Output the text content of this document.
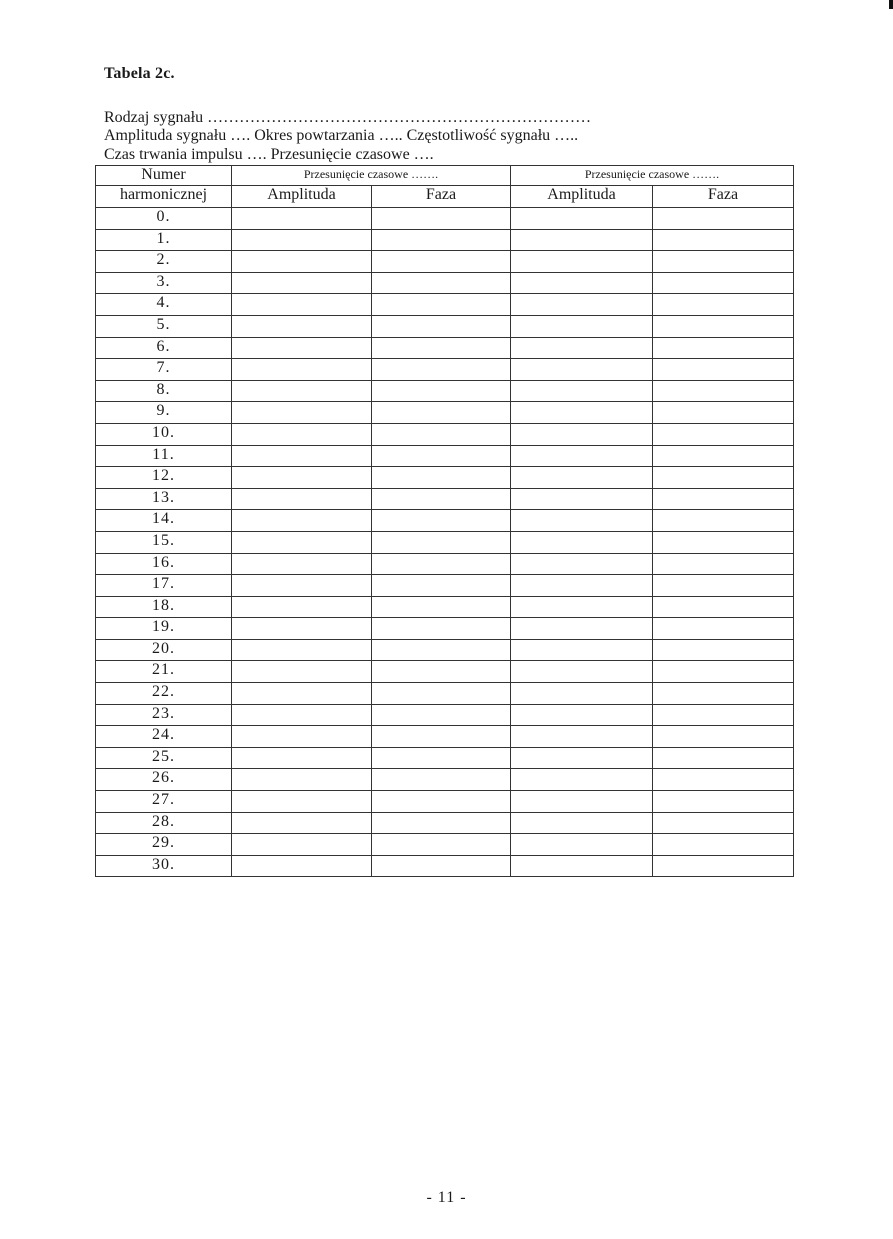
Tabela 2c.
Rodzaj sygnału ………………………………………………………………
Amplituda sygnału …. Okres powtarzania ….. Częstotliwość sygnału …..
Czas trwania impulsu …. Przesunięcie czasowe ….
Numer	Przesunięcie czasowe …….		Przesunięcie czasowe …….	
harmonicznej	Amplituda	Faza	Amplituda	Faza
0.				
1.				
2.				
3.				
4.				
5.				
6.				
7.				
8.				
9.				
10.				
11.				
12.				
13.				
14.				
15.				
16.				
17.				
18.				
19.				
20.				
21.				
22.				
23.				
24.				
25.				
26.				
27.				
28.				
29.				
30.				
- 11 -
